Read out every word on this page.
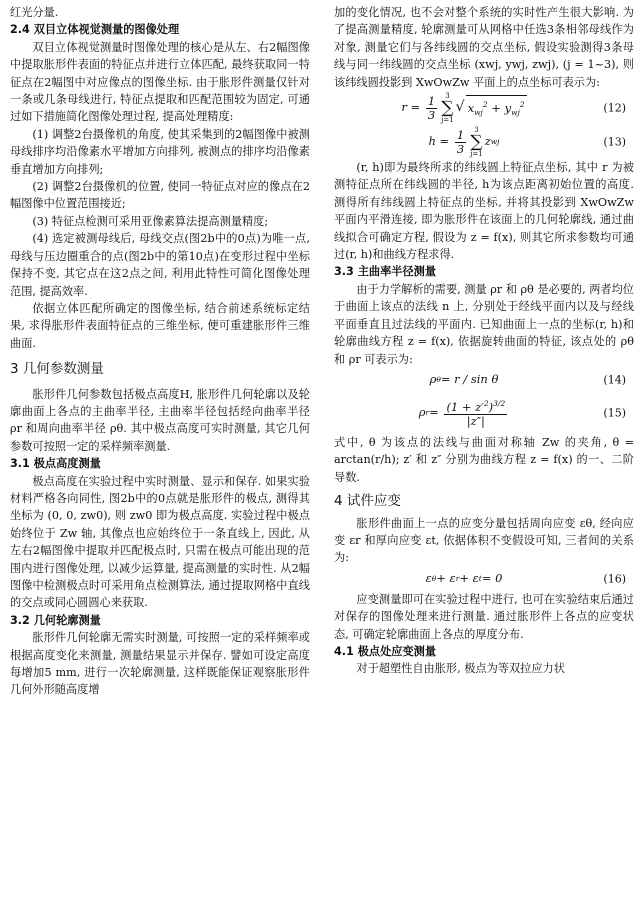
红光分量.

2.4 双目立体视觉测量的图像处理

双目立体视觉测量时图像处理的核心是从左、右2幅图像中提取胀形件表面的特征点并进行立体匹配, 最终获取同一特征点在2幅图中对应像点的图像坐标. 由于胀形件测量仅针对一条或几条母线进行, 特征点提取和匹配范围较为固定, 可通过如下措施简化图像处理过程, 提高处理精度:

(1) 调整2台摄像机的角度, 使其采集到的2幅图像中被测母线排序均沿像素水平增加方向排列, 被测点的排序均沿像素垂直增加方向排列;

(2) 调整2台摄像机的位置, 使同一特征点对应的像点在2幅图像中位置范围接近;

(3) 特征点检测可采用亚像素算法提高测量精度;

(4) 选定被测母线后, 母线交点(图2b中的0点)为唯一点, 母线与压边圈重合的点(图2b中的第10点)在变形过程中坐标保持不变, 其它点在这2点之间, 利用此特性可简化图像处理范围, 提高效率.

依据立体匹配所确定的图像坐标, 结合前述系统标定结果, 求得胀形件表面特征点的三维坐标, 便可重建胀形件三维曲面.

3 几何参数测量

胀形件几何参数包括极点高度H, 胀形件几何轮廓以及轮廓曲面上各点的主曲率半径, 主曲率半径包括经向曲率半径 ρr 和周向曲率半径 ρθ. 其中极点高度可实时测量, 其它几何参数可按照一定的采样频率测量.

3.1 极点高度测量

极点高度在实验过程中实时测量、显示和保存. 如果实验材料严格各向同性, 图2b中的0点就是胀形件的极点, 测得其坐标为 (0, 0, zw0), 则 zw0 即为极点高度. 实验过程中极点始终位于 Zw 轴, 其像点也应始终位于一条直线上, 因此, 从左右2幅图像中提取并匹配极点时, 只需在极点可能出现的范围内进行图像处理, 以减少运算量, 提高测量的实时性. 从2幅图像中检测极点时可采用角点检测算法, 通过提取网格中直线的交点或同心圆圆心来获取.

3.2 几何轮廓测量

胀形件几何轮廓无需实时测量, 可按照一定的采样频率或根据高度变化来测量, 测量结果显示并保存. 譬如可设定高度每增加5 mm, 进行一次轮廓测量, 这样既能保证观察胀形件几何外形随高度增

加的变化情况, 也不会对整个系统的实时性产生很大影响. 为了提高测量精度, 轮廓测量可从网格中任选3条相邻母线作为对象, 测量它们与各纬线圆的交点坐标, 假设实验测得3条母线与同一纬线圆的交点坐标 (xwj, ywj, zwj), (j = 1~3), 则该纬线圆投影到 XwOwZw 平面上的点坐标可表示为:

$r = \frac{1}{3} 3$
∑
j=1
√ $x_{wj}^2 + y_{wj}^2$	(12)
$h = \frac{1}{3} 3$
∑
j=1
z wj	(13)

(r, h)即为最终所求的纬线圆上特征点坐标, 其中 r 为被测特征点所在纬线圆的半径, h为该点距离初始位置的高度. 测得所有纬线圆上特征点的坐标, 并将其投影到 XwOwZw 平面内平滑连接, 即为胀形件在该面上的几何轮廓线, 通过曲线拟合可确定方程, 假设为 z = f(x), 则其它所求参数均可通过(r, h)和曲线方程求得.

3.3 主曲率半径测量

由于力学解析的需要, 测量 ρr 和 ρθ 是必要的, 两者均位于曲面上该点的法线 n 上, 分别处于经线平面内以及与经线平面垂直且过法线的平面内. 已知曲面上一点的坐标(r, h)和轮廓曲线方程 z = f(x), 依据旋转曲面的特征, 该点处的 ρθ 和 ρr 可表示为:

ρ θ = r / sin θ	(14)
ρ $r = \frac{(1 + z'^2)^{3/2}}{|z''|}$	(15)

式中, θ 为该点的法线与曲面对称轴 Zw 的夹角, θ = arctan(r/h); z′ 和 z″ 分别为曲线方程 z = f(x) 的一、二阶导数.

4 试件应变

胀形件曲面上一点的应变分量包括周向应变 εθ, 经向应变 εr 和厚向应变 εt, 依据体积不变假设可知, 三者间的关系为:

ε θ + ε r + ε t = 0	(16)

应变测量即可在实验过程中进行, 也可在实验结束后通过对保存的图像处理来进行测量. 通过胀形件上各点的应变状态, 可确定轮廓曲面上各点的厚度分布.

4.1 极点处应变测量

对于超塑性自由胀形, 极点为等双拉应力状
